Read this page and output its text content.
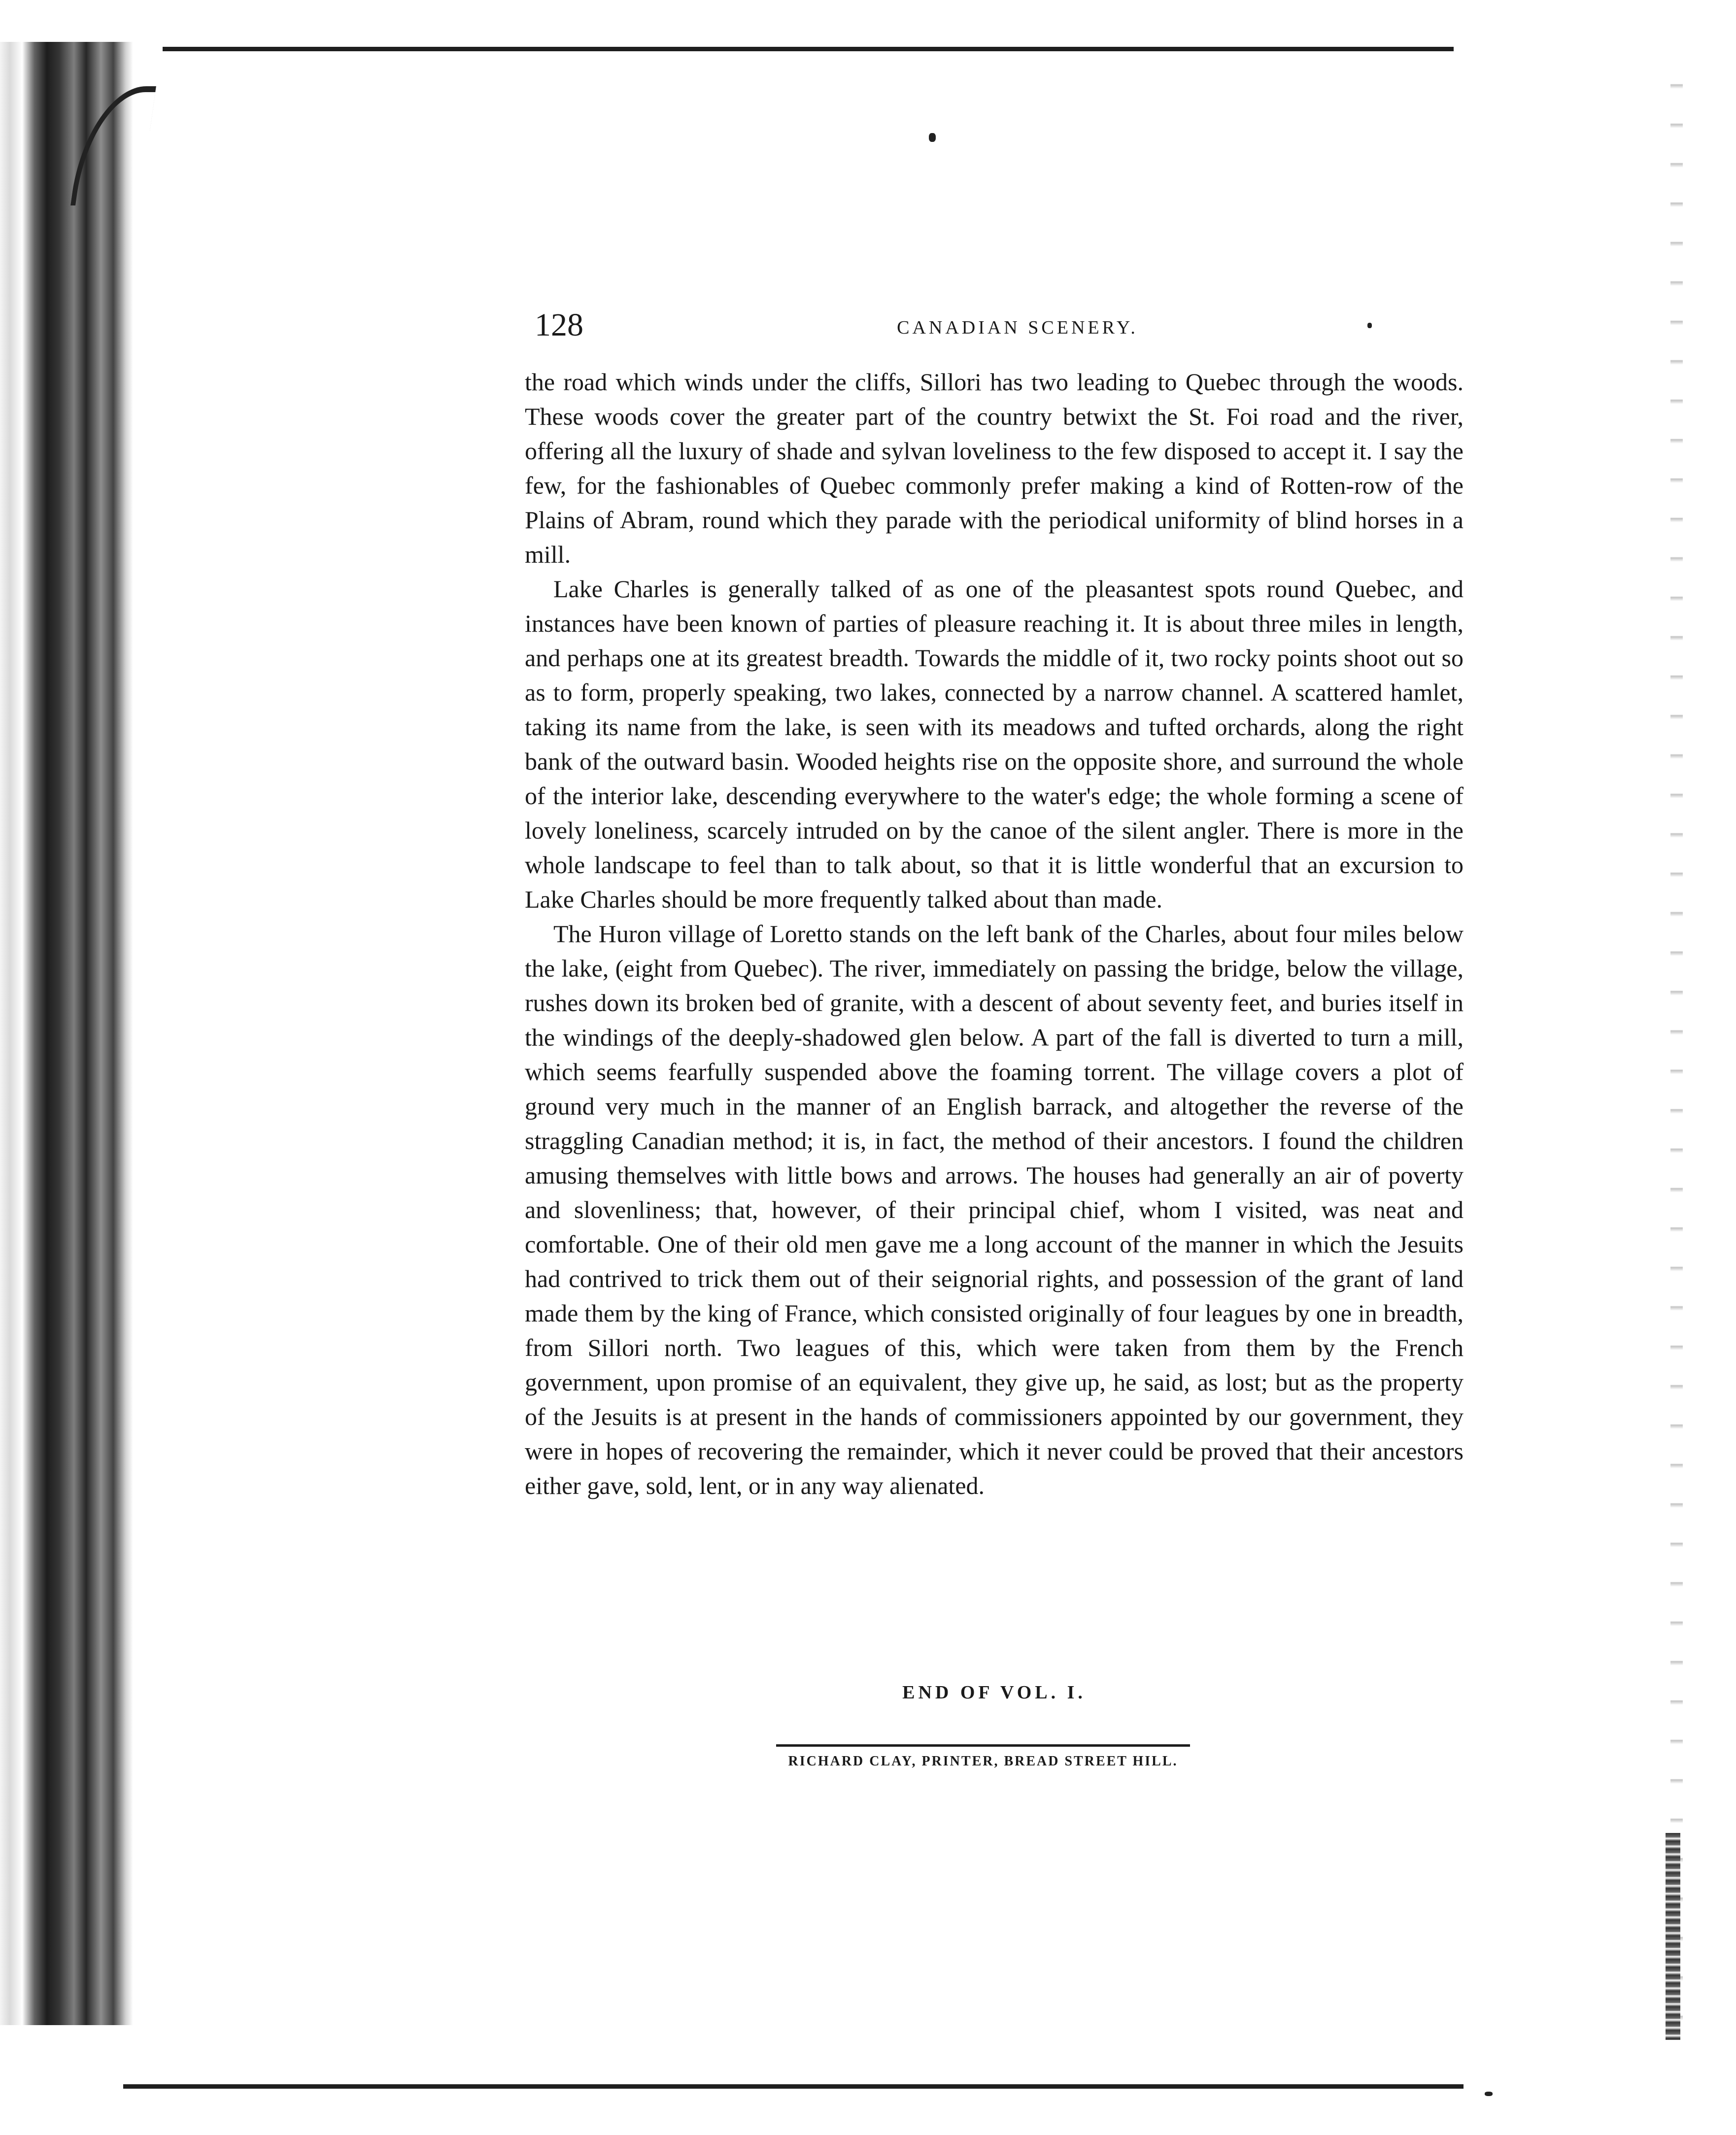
128	CANADIAN SCENERY.

the road which winds under the cliffs, Sillori has two leading to Quebec through the woods. These woods cover the greater part of the country betwixt the St. Foi road and the river, offering all the luxury of shade and sylvan loveliness to the few disposed to accept it. I say the few, for the fashionables of Quebec commonly prefer making a kind of Rotten-row of the Plains of Abram, round which they parade with the periodical uniformity of blind horses in a mill.

Lake Charles is generally talked of as one of the pleasantest spots round Quebec, and instances have been known of parties of pleasure reaching it. It is about three miles in length, and perhaps one at its greatest breadth. Towards the middle of it, two rocky points shoot out so as to form, properly speaking, two lakes, connected by a narrow channel. A scattered hamlet, taking its name from the lake, is seen with its meadows and tufted orchards, along the right bank of the outward basin. Wooded heights rise on the opposite shore, and surround the whole of the interior lake, descending everywhere to the water's edge; the whole forming a scene of lovely loneliness, scarcely intruded on by the canoe of the silent angler. There is more in the whole landscape to feel than to talk about, so that it is little wonderful that an excursion to Lake Charles should be more frequently talked about than made.

The Huron village of Loretto stands on the left bank of the Charles, about four miles below the lake, (eight from Quebec). The river, immediately on passing the bridge, below the village, rushes down its broken bed of granite, with a descent of about seventy feet, and buries itself in the windings of the deeply-shadowed glen below. A part of the fall is diverted to turn a mill, which seems fearfully suspended above the foaming torrent. The village covers a plot of ground very much in the manner of an English barrack, and altogether the reverse of the straggling Canadian method; it is, in fact, the method of their ancestors. I found the children amusing themselves with little bows and arrows. The houses had generally an air of poverty and slovenliness; that, however, of their principal chief, whom I visited, was neat and comfortable. One of their old men gave me a long account of the manner in which the Jesuits had contrived to trick them out of their seignorial rights, and possession of the grant of land made them by the king of France, which consisted originally of four leagues by one in breadth, from Sillori north. Two leagues of this, which were taken from them by the French government, upon promise of an equivalent, they give up, he said, as lost; but as the property of the Jesuits is at present in the hands of commissioners appointed by our government, they were in hopes of recovering the remainder, which it never could be proved that their ancestors either gave, sold, lent, or in any way alienated.

END OF VOL. I.
RICHARD CLAY, PRINTER, BREAD STREET HILL.
